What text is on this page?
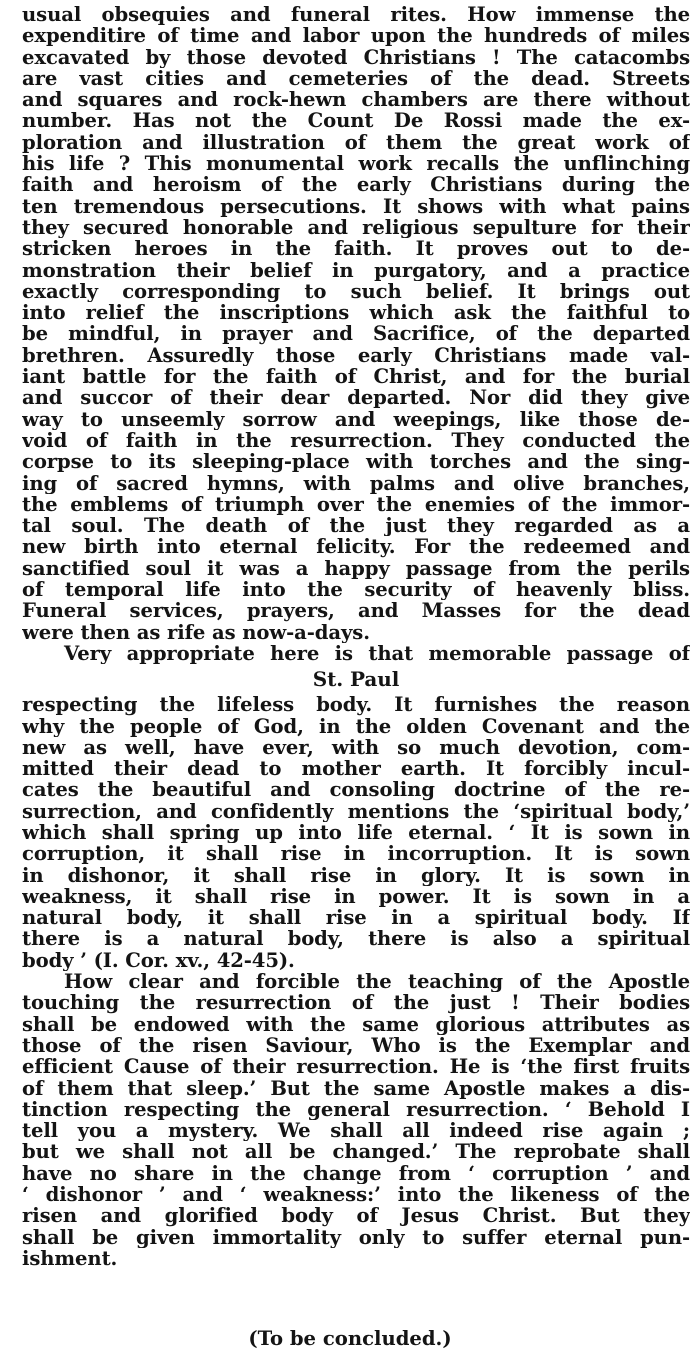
usual obsequies and funeral rites. How immense the
expenditire of time and labor upon the hundreds of miles
excavated by those devoted Christians ! The catacombs
are vast cities and cemeteries of the dead. Streets
and squares and rock-hewn chambers are there without
number. Has not the Count De Rossi made the ex-
ploration and illustration of them the great work of
his life ? This monumental work recalls the unflinching
faith and heroism of the early Christians during the
ten tremendous persecutions. It shows with what pains
they secured honorable and religious sepulture for their
stricken heroes in the faith. It proves out to de-
monstration their belief in purgatory, and a practice
exactly corresponding to such belief. It brings out
into relief the inscriptions which ask the faithful to
be mindful, in prayer and Sacrifice, of the departed
brethren. Assuredly those early Christians made val-
iant battle for the faith of Christ, and for the burial
and succor of their dear departed. Nor did they give
way to unseemly sorrow and weepings, like those de-
void of faith in the resurrection. They conducted the
corpse to its sleeping-place with torches and the sing-
ing of sacred hymns, with palms and olive branches,
the emblems of triumph over the enemies of the immor-
tal soul. The death of the just they regarded as a
new birth into eternal felicity. For the redeemed and
sanctified soul it was a happy passage from the perils
of temporal life into the security of heavenly bliss.
Funeral services, prayers, and Masses for the dead
were then as rife as now-a-days.
Very appropriate here is that memorable passage of
St. Paul
respecting the lifeless body. It furnishes the reason
why the people of God, in the olden Covenant and the
new as well, have ever, with so much devotion, com-
mitted their dead to mother earth. It forcibly incul-
cates the beautiful and consoling doctrine of the re-
surrection, and confidently mentions the ‘spiritual body,’
which shall spring up into life eternal. ‘ It is sown in
corruption, it shall rise in incorruption. It is sown
in dishonor, it shall rise in glory. It is sown in
weakness, it shall rise in power. It is sown in a
natural body, it shall rise in a spiritual body. If
there is a natural body, there is also a spiritual
body ’ (I. Cor. xv., 42-45).
How clear and forcible the teaching of the Apostle
touching the resurrection of the just ! Their bodies
shall be endowed with the same glorious attributes as
those of the risen Saviour, Who is the Exemplar and
efficient Cause of their resurrection. He is ‘the first fruits
of them that sleep.’ But the same Apostle makes a dis-
tinction respecting the general resurrection. ‘ Behold I
tell you a mystery. We shall all indeed rise again ;
but we shall not all be changed.’ The reprobate shall
have no share in the change from ‘ corruption ’ and
‘ dishonor ’ and ‘ weakness:’ into the likeness of the
risen and glorified body of Jesus Christ. But they
shall be given immortality only to suffer eternal pun-
ishment.
(To be concluded.)
